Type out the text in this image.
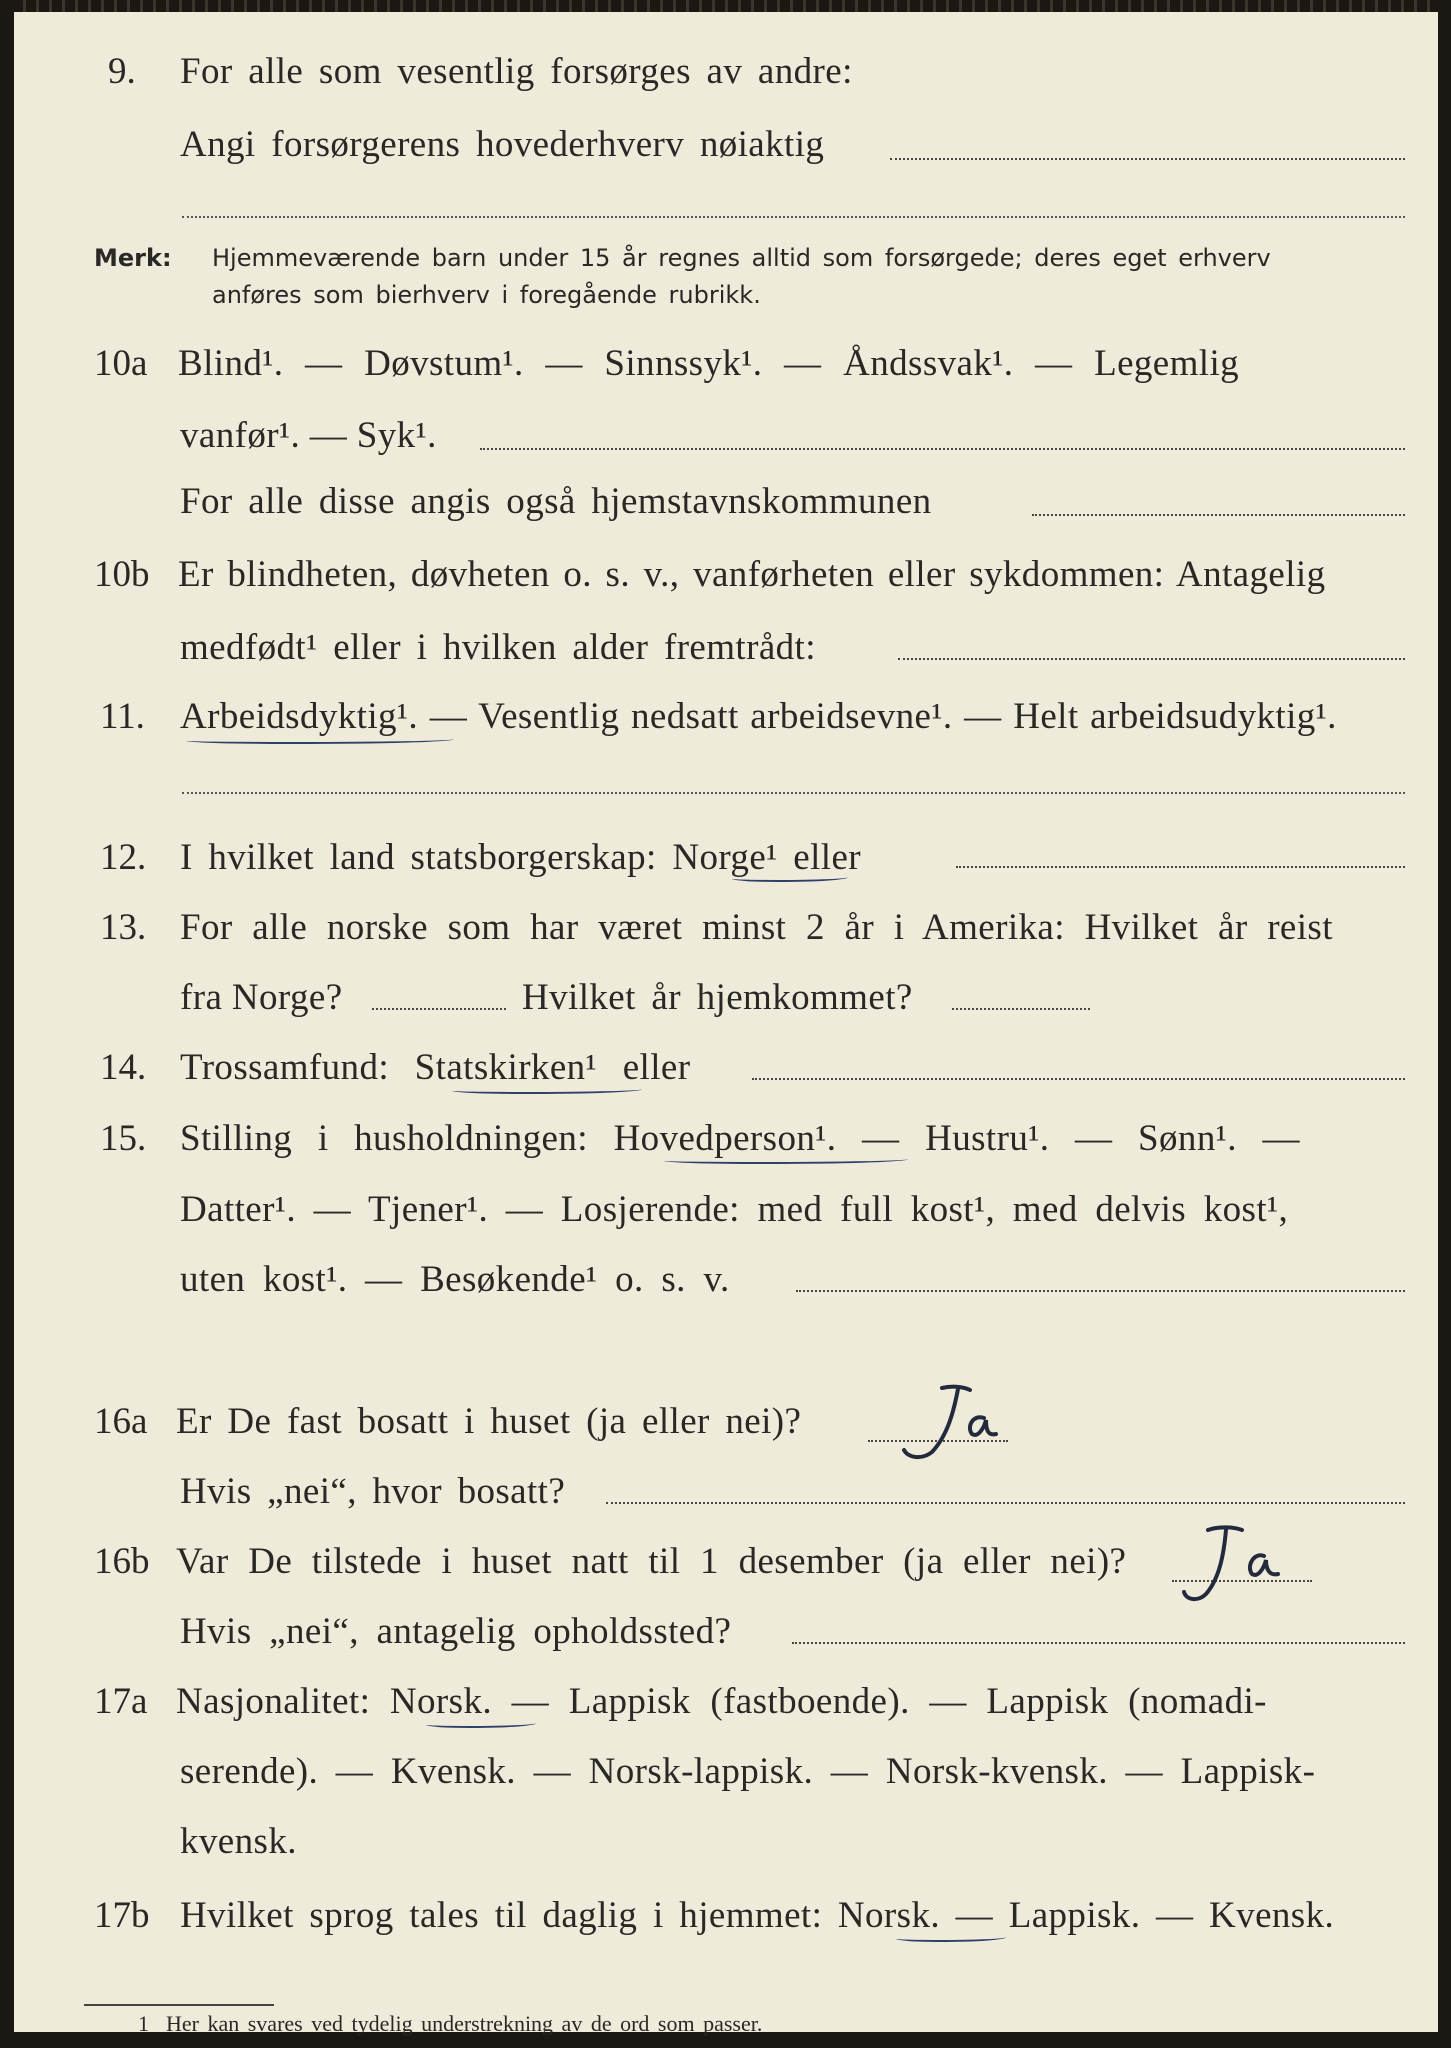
9. For alle som vesentlig forsørges av andre:
Angi forsørgerens hovederhverv nøiaktig
Merk: Hjemmeværende barn under 15 år regnes alltid som forsørgede; deres eget erhverv
anføres som bierhverv i foregående rubrikk.
10a Blind¹. — Døvstum¹. — Sinnssyk¹. — Åndssvak¹. — Legemlig
vanfør¹. — Syk¹.
For alle disse angis også hjemstavnskommunen
10b Er blindheten, døvheten o. s. v., vanførheten eller sykdommen: Antagelig
medfødt¹ eller i hvilken alder fremtrådt:
11. Arbeidsdyktig¹. — Vesentlig nedsatt arbeidsevne¹. — Helt arbeidsudyktig¹.
12. I hvilket land statsborgerskap: Norge¹ eller
13. For alle norske som har været minst 2 år i Amerika: Hvilket år reist
fra Norge?	Hvilket år hjemkommet?
14. Trossamfund: Statskirken¹ eller
15. Stilling i husholdningen: Hovedperson¹. — Hustru¹. — Sønn¹. —
Datter¹. — Tjener¹. — Losjerende: med full kost¹, med delvis kost¹,
uten kost¹. — Besøkende¹ o. s. v.
16a Er De fast bosatt i huset (ja eller nei)?
Hvis „nei“, hvor bosatt?
16b Var De tilstede i huset natt til 1 desember (ja eller nei)?
Hvis „nei“, antagelig opholdssted?
17a Nasjonalitet: Norsk. — Lappisk (fastboende). — Lappisk (nomadi-
serende). — Kvensk. — Norsk-lappisk. — Norsk-kvensk. — Lappisk-
kvensk.
17b Hvilket sprog tales til daglig i hjemmet: Norsk. — Lappisk. — Kvensk.
1 Her kan svares ved tydelig understrekning av de ord som passer.
